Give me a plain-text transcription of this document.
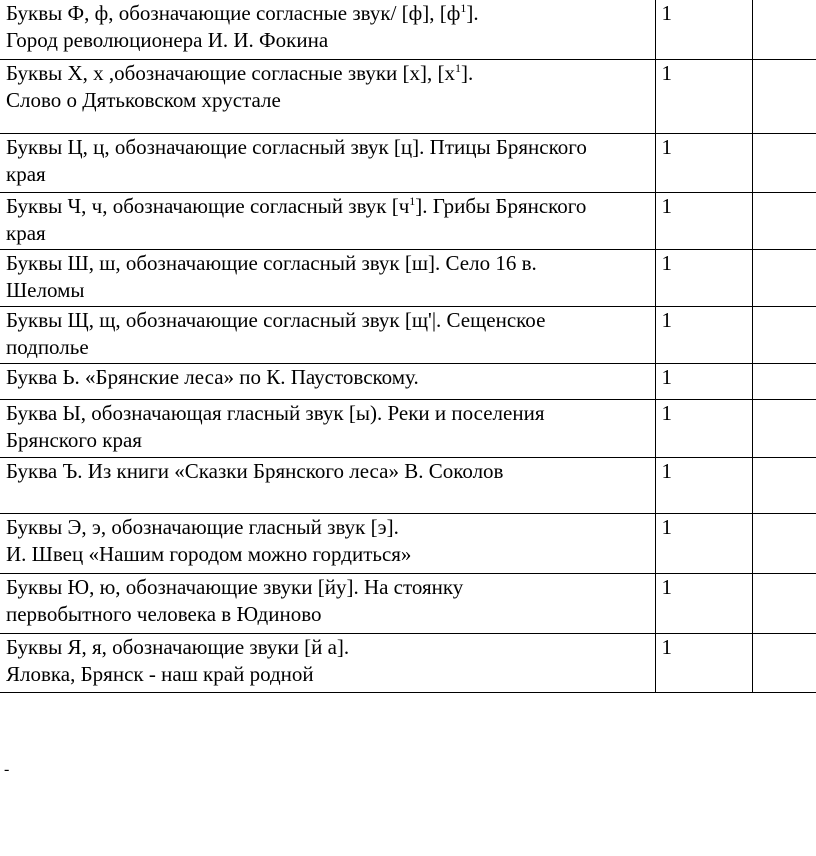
Буквы Ф, ф, обозначающие согласные звук/ [ф], $[ф^1]$.
Город революционера И. И. Фокина	1	

Буквы Х, х ,обозначающие согласные звуки [х], $[х^1]$.
Слово о Дятьковском хрустале	1	

Буквы Ц, ц, обозначающие согласный звук [ц]. Птицы Брянского
края	1	

Буквы Ч, ч, обозначающие согласный звук $[ч^1]$. Грибы Брянского
края	1	

Буквы Ш, ш, обозначающие согласный звук [ш]. Село 16 в.
Шеломы	1	

Буквы Щ, щ, обозначающие согласный звук [щ'|. Сещенское
подполье	1	

Буква Ь. «Брянские леса» по К. Паустовскому.	1	

Буква Ы, обозначающая гласный звук [ы). Реки и поселения
Брянского края	1	

Буква Ъ. Из книги «Сказки Брянского леса» В. Соколов	1	

Буквы Э, э, обозначающие гласный звук [э].
И. Швец «Нашим городом можно гордиться»	1	

Буквы Ю, ю, обозначающие звуки [йу]. На стоянку
первобытного человека в Юдиново	1	

Буквы Я, я, обозначающие звуки [й а].
Яловка, Брянск - наш край родной	1	
-
